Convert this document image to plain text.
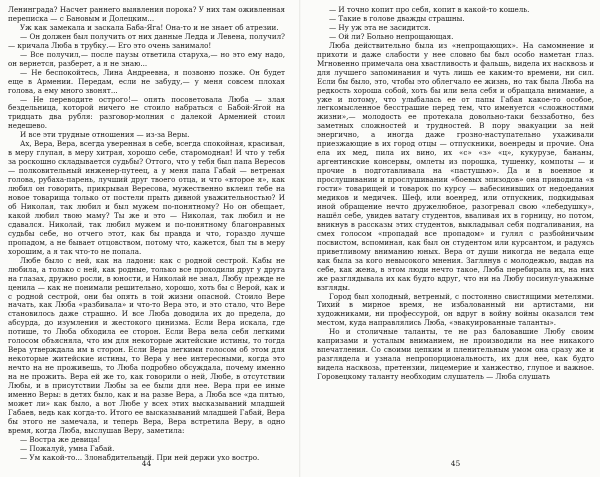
Ленинграда? Насчет раннего выявления порока? У них там оживленная переписка — с Бановым и Долецким...

Уж как замекала и заскала Баба-Яга! Она-то и не знает об атрезии.

— Он должен был получить от них данные Ледда и Левена, получил? — кричала Люба в трубку.— Его это очень занимало!

— Все получил,— после паузы ответила старуха,— но это ему надо, он вернется, разберет, а я не знаю...

— Не беспокойтесь, Лина Андреевна, я позвоню позже. Он будет еще в Армении. Передам, если не забуду,— у меня совсем плохая голова, а ему много звонят...

— Не переводите острого!— опять посоветовала Люба — злая бездельница, которой ничего не стоило набраться с Бабой-Ягой на тридцать два рубля: разговор-молния с далекой Арменией стоил недешево.

И все эти трудные отношения — из-за Веры.

Ах, Вера, Вера, всегда уверенная в себе, всегда спокойная, красивая, в меру глупая, в меру хитрая, хорошо себе, старомодная! И что у тебя за роскошно складывается судьбы? Оттого, что у тебя был папа Вересов — полковительный инженер-путеец, а у меня папа Габай — ветреная голова, рубаха-парень, лучший друг твоего отца, и что «второе я», как любил он говорить, прикрывая Вересова, мужественно вклеил тебе на новое товарища только от постели прыть дивной уважительностью? И об Николая, так любил и был мужем по-понятному? Но он обещает, какой любил твою маму? Ты же и это — Николая, так любил и не сдавался. Николай, так любил мужем и по-понятному благонравных судьбы себе, но отчего этот, как бы правда и что, гораздо лучше пропадом, а не бывает отцовством, потому что, кажется, был ты в меру хорошим, а я так что-то не попала.

Любе было с ней, как на ладони: как с родной сестрой. Кабы не любила, а только с ней, как родные, только все проходили друг у друга на глазах, дружно росли, в юности, и Николай не знал, Любу прежде не ценила — как не понимали решительно, хорошо, хоть бы с Верой, как и с родной сестрой, они бы опять в той жизни опасной. Стоило Вере начать, как Люба «разбивала» и что-то Вера это, и это стало, что Вере становилось даже страшно. И все Люба доводила их до предела, до абсурда, до изумления и жестокого цинизма. Если Вера искала, где потише, то Люба обходила ее сторон. Если Вера вела себя легкими голосом объясняла, что им для некоторые житейские истины, то тогда Вера утверждала им в сторон. Если Вера легкими голосом об этом для некоторые житейские истины, то Вера у нее интересными, когда это нечто на не проживешь, то Люба подробно обсуждала, почему именно на не прожить. Вера ей же то, как говорили о ней, Любе, в отсутствии Любы, и в присутствии Любы за ее были для нее. Вера при ее иные именно Веры: в детях было, как и на разве Вера, а Люба все «да пятью, может ли» как было, а вот Любе у всех этих высказываний младшей Габаев, ведь как когда-то. Итого ее высказываний младшей Габай, Вера бы этого не замечала, и теперь Вера, Вера встретила Веру, в одно время, когда Люба, выслушав Веру, заметила:

— Востра же девица!

— Пожалуй, умна Габай.

— Ум какой-то... Злонабдительный. При ней держи ухо востро.

44

— И точно копит про себя, копит в какой-то кошель.

— Такие в голове дважды страшны.

— Ну уж эта не засидится.

— Ой ли? Больно непрощающая.

Люба действительно была из «непрощающих». На самомнение и прихоти и даже слабости у нее словно бы был особо наметан глаз. Мгновенно примечала она хвастливость и фальшь, видела их насквозь и для лучшего запоминания и чуть лишь ее каким-то времени, ни сил. Если бы было, это, чтобы это облегчало ее жизнь, но так была Люба на редкость хороша собой, хоть бы или вела себя и обращала внимание, а уже и потому, что улыбалась ее от папы Габая какое-то особое, легкомысленное бесстрашие перед тем, что именуется «сложностями жизни»,— молодость ее протекала довольно-таки беззаботно, без заметных сложностей и трудностей. В пору эвакуации за ней энергично, а иногда даже грозно-наступательно ухаживали приезжающие в их город отцы — отпускники, военреды и прочие. Она ела их мед, пила их вино, их «с» «з» «ц», кукурузе, бананы, аргентинские консервы, омлеты из порошка, тушенку, компоты — и прочие в подготавливала на «пастушью». Да и в военное и прослушивании и прослушивании «боевых эпизодов» она приводила «в гости» товарищей и товарок по курсу — вабесинивших от недоедания медиков и медичек. Шеф, или военред, или отпускник, подкидывая иной обращение нечто дружелюбное, разогревал свою «лебедушку», нашёл себе, увидев ватагу студентов, вваливая их в горницу, но потом, вникнув в рассказы этих студентов, выкладывал себя подгаливания, на смех голосом «пропадай все пропадом» и гулял с разбойничьим посвистом, вспоминая, как был он студентом или курсантом, и радуясь приветливому вниманию юных. Вера от души никогда не ведала еще как была за кого невысокого мнения. Заглянув с молодежью, выдав на себе, как жена, в этом люди нечто такое, Люба перебирала их, на них же разглядывала их как будто вдруг, что ни на Любу посинул-уважные взгляды.

Город был холодный, ветреный, с постоянно свистящими метелями. Тихий в мирное время, не избалованный ни артистами, ни художниками, ни профессурой, он вдруг в войну войны оказался тем местом, куда направлялись Люба, «эвакуированные таланты».

Но и столичные таланты, те не раз баловавшие Любу своим капризами и усталым вниманием, не производили на нее никакого впечатления. Со своими цепким и пленительным умом она сразу же и разглядела и узнала непропорциональность, их для нее, как будто видела насквозь, претензии, лицемерие и ханжество, глупое и важное. Горовецкому таланту необходим слушатель — Люба слушать

45
